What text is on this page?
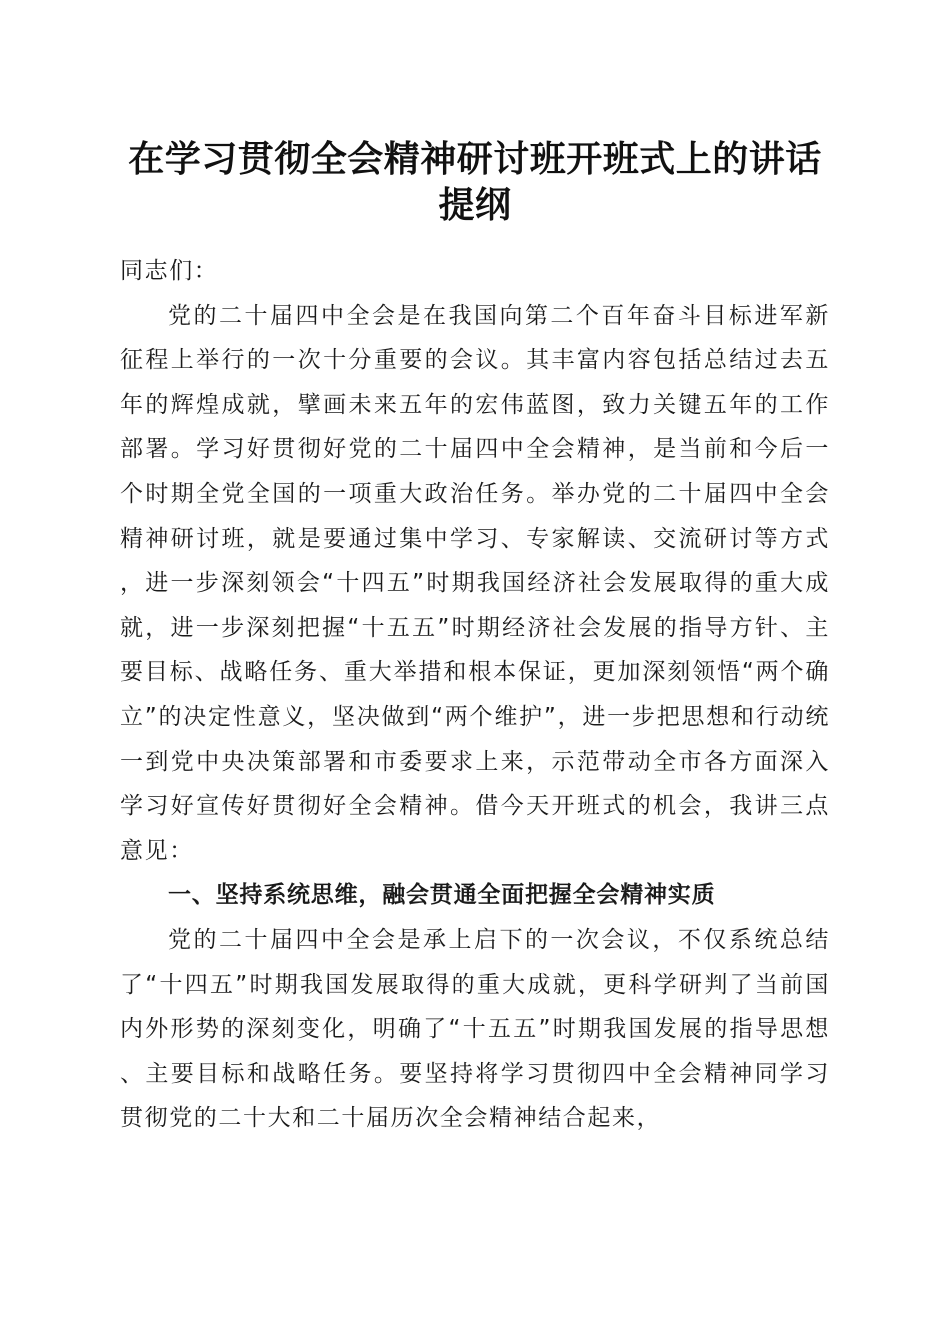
在学习贯彻全会精神研讨班开班式上的讲话提纲

同志们：

党的二十届四中全会是在我国向第二个百年奋斗目标进军新征程上举行的一次十分重要的会议。其丰富内容包括总结过去五年的辉煌成就，擘画未来五年的宏伟蓝图，致力关键五年的工作部署。学习好贯彻好党的二十届四中全会精神，是当前和今后一个时期全党全国的一项重大政治任务。举办党的二十届四中全会精神研讨班，就是要通过集中学习、专家解读、交流研讨等方式，进一步深刻领会“十四五”时期我国经济社会发展取得的重大成就，进一步深刻把握“十五五”时期经济社会发展的指导方针、主要目标、战略任务、重大举措和根本保证，更加深刻领悟“两个确立”的决定性意义，坚决做到“两个维护”，进一步把思想和行动统一到党中央决策部署和市委要求上来，示范带动全市各方面深入学习好宣传好贯彻好全会精神。借今天开班式的机会，我讲三点意见：

一、坚持系统思维，融会贯通全面把握全会精神实质

党的二十届四中全会是承上启下的一次会议，不仅系统总结了“十四五”时期我国发展取得的重大成就，更科学研判了当前国内外形势的深刻变化，明确了“十五五”时期我国发展的指导思想、主要目标和战略任务。要坚持将学习贯彻四中全会精神同学习贯彻党的二十大和二十届历次全会精神结合起来，
